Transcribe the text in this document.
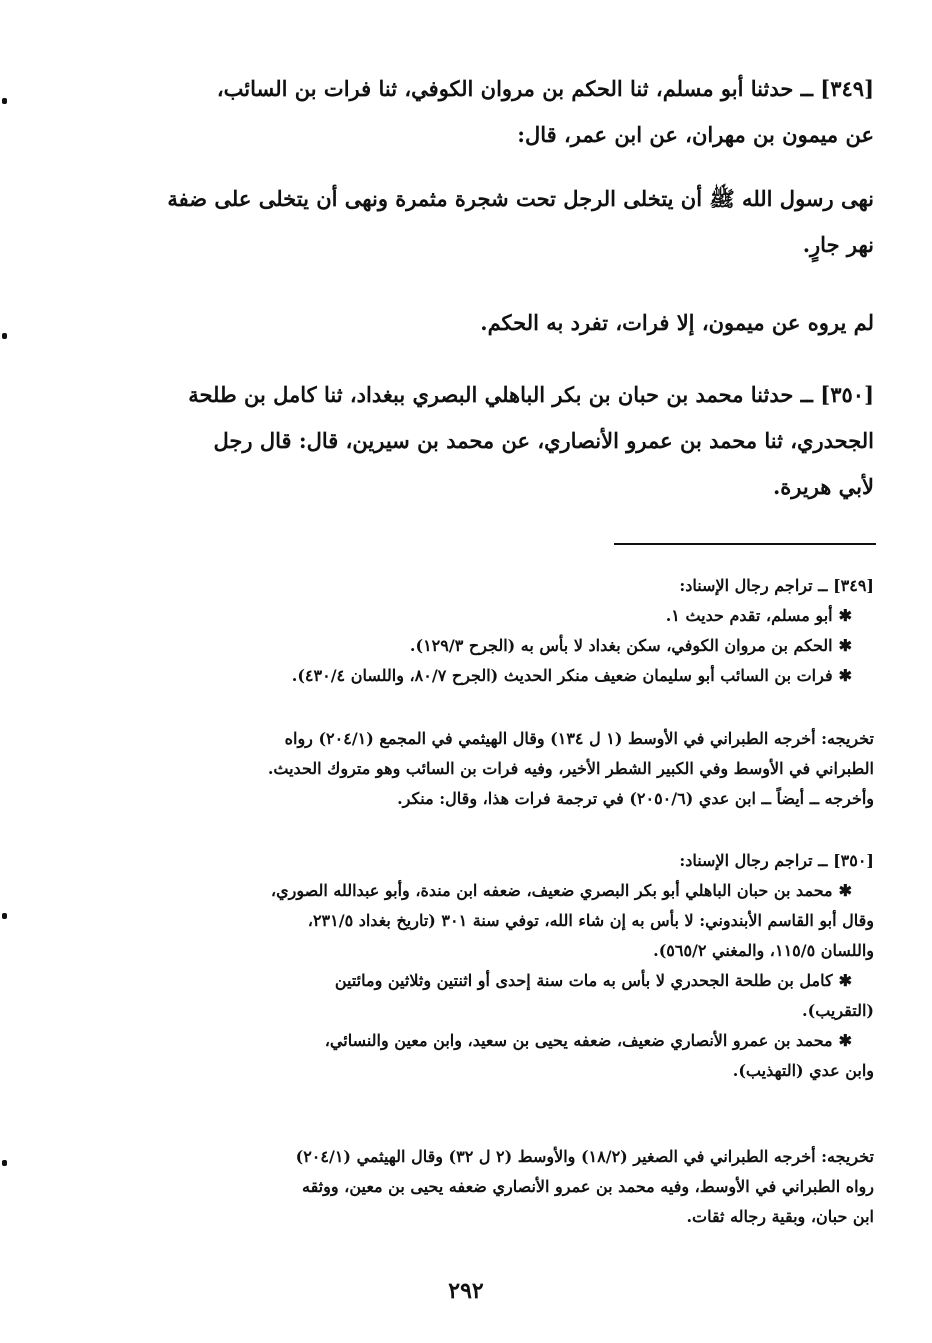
[٣٤٩] ــ حدثنا أبو مسلم، ثنا الحكم بن مروان الكوفي، ثنا فرات بن السائب،
عن ميمون بن مهران، عن ابن عمر، قال:
نهى رسول الله ﷺ أن يتخلى الرجل تحت شجرة مثمرة ونهى أن يتخلى على ضفة
نهر جارٍ.
لم يروه عن ميمون، إلا فرات، تفرد به الحكم.
[٣٥٠] ــ حدثنا محمد بن حبان بن بكر الباهلي البصري ببغداد، ثنا كامل بن طلحة
الجحدري، ثنا محمد بن عمرو الأنصاري، عن محمد بن سيرين، قال: قال رجل
لأبي هريرة.
[٣٤٩] ــ تراجم رجال الإسناد:
✱أبو مسلم، تقدم حديث ١.
✱الحكم بن مروان الكوفي، سكن بغداد لا بأس به (الجرح ١٢٩/٣).
✱فرات بن السائب أبو سليمان ضعيف منكر الحديث (الجرح ٨٠/٧، واللسان ٤٣٠/٤).
تخريجه: أخرجه الطبراني في الأوسط (١ ل ١٣٤) وقال الهيثمي في المجمع (٢٠٤/١) رواه
الطبراني في الأوسط وفي الكبير الشطر الأخير، وفيه فرات بن السائب وهو متروك الحديث.
وأخرجه ــ أيضاً ــ ابن عدي (٢٠٥٠/٦) في ترجمة فرات هذا، وقال: منكر.
[٣٥٠] ــ تراجم رجال الإسناد:
✱محمد بن حبان الباهلي أبو بكر البصري ضعيف، ضعفه ابن مندة، وأبو عبدالله الصوري،
وقال أبو القاسم الأبندوني: لا بأس به إن شاء الله، توفي سنة ٣٠١ (تاريخ بغداد ٢٣١/٥،
واللسان ١١٥/٥، والمغني ٥٦٥/٢).
✱كامل بن طلحة الجحدري لا بأس به مات سنة إحدى أو اثنتين وثلاثين ومائتين
(التقريب).
✱محمد بن عمرو الأنصاري ضعيف، ضعفه يحيى بن سعيد، وابن معين والنسائي،
وابن عدي (التهذيب).
تخريجه: أخرجه الطبراني في الصغير (١٨/٢) والأوسط (٢ ل ٣٢) وقال الهيثمي (٢٠٤/١)
رواه الطبراني في الأوسط، وفيه محمد بن عمرو الأنصاري ضعفه يحيى بن معين، ووثقه
ابن حبان، وبقية رجاله ثقات.
٢٩٢
